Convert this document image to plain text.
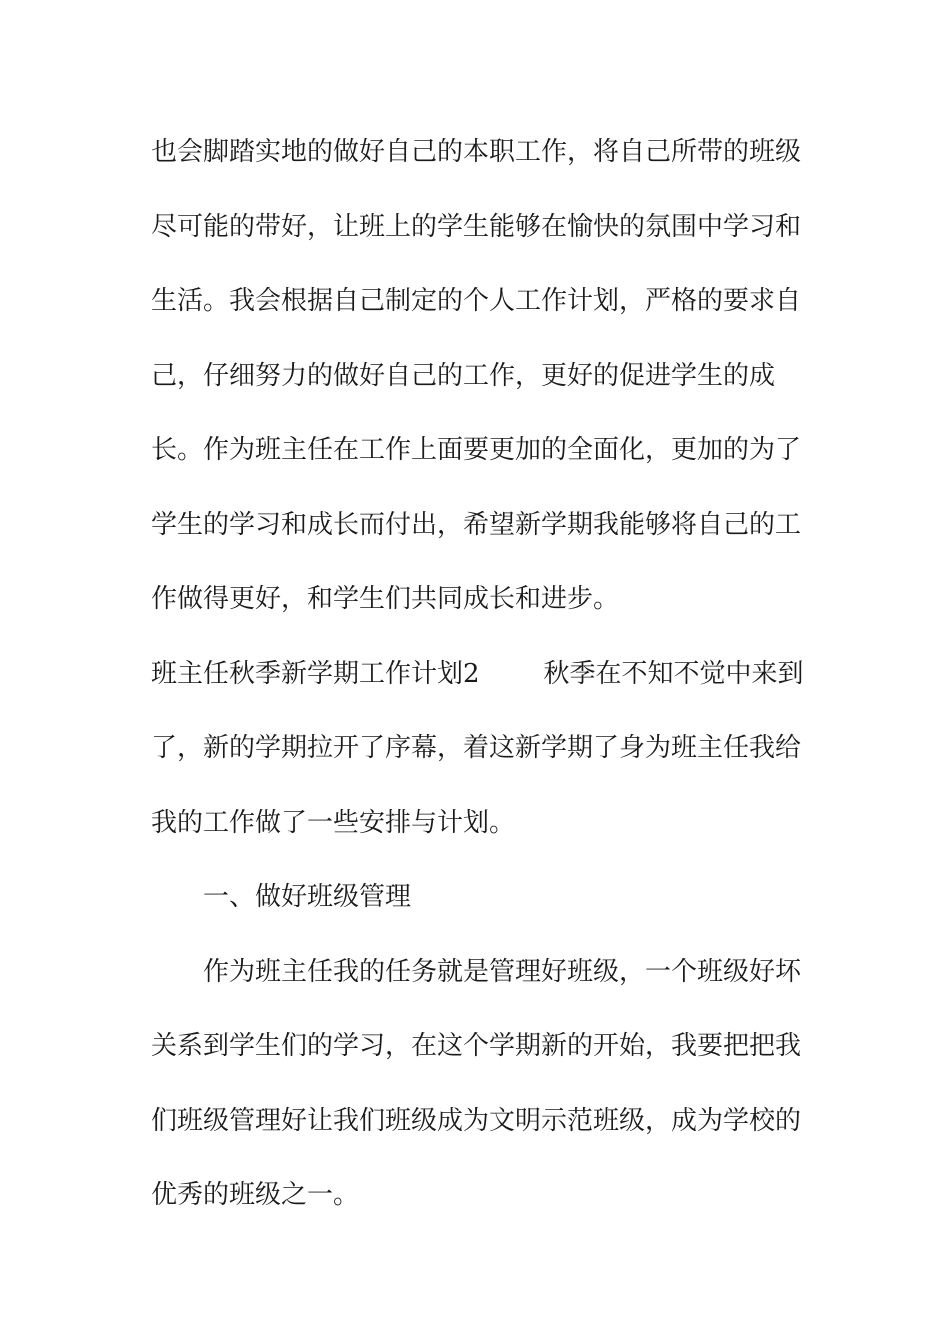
也会脚踏实地的做好自己的本职工作，将自己所带的班级
尽可能的带好，让班上的学生能够在愉快的氛围中学习和
生活。我会根据自己制定的个人工作计划，严格的要求自
己，仔细努力的做好自己的工作，更好的促进学生的成
长。作为班主任在工作上面要更加的全面化，更加的为了
学生的学习和成长而付出，希望新学期我能够将自己的工
作做得更好，和学生们共同成长和进步。
班主任秋季新学期工作计划2 秋季在不知不觉中来到
了，新的学期拉开了序幕，着这新学期了身为班主任我给
我的工作做了一些安排与计划。
一、做好班级管理
作为班主任我的任务就是管理好班级，一个班级好坏
关系到学生们的学习，在这个学期新的开始，我要把把我
们班级管理好让我们班级成为文明示范班级，成为学校的
优秀的班级之一。
